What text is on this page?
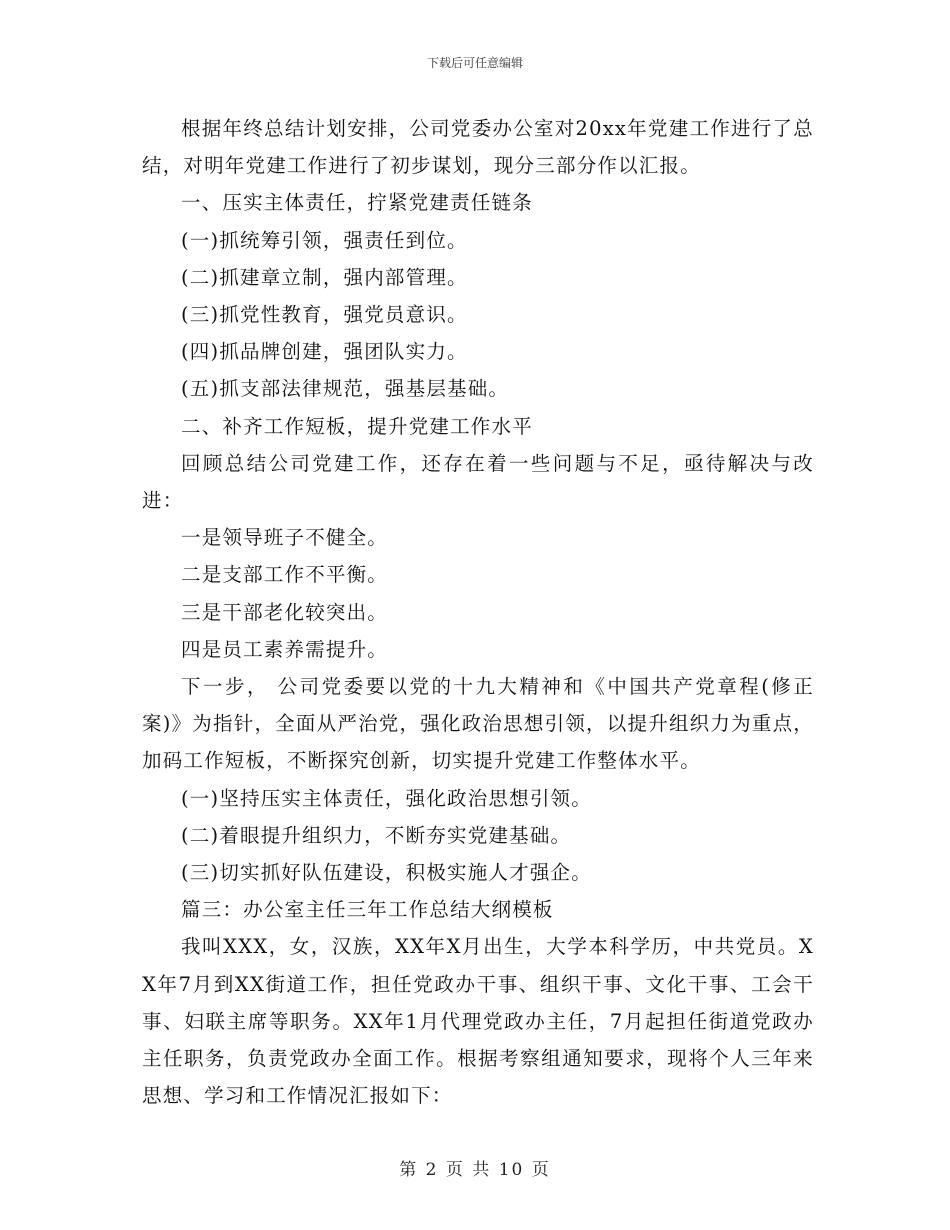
下载后可任意编辑

根据年终总结计划安排，公司党委办公室对20xx年党建工作进行了总结，对明年党建工作进行了初步谋划，现分三部分作以汇报。

一、压实主体责任，拧紧党建责任链条

(一)抓统筹引领，强责任到位。

(二)抓建章立制，强内部管理。

(三)抓党性教育，强党员意识。

(四)抓品牌创建，强团队实力。

(五)抓支部法律规范，强基层基础。

二、补齐工作短板，提升党建工作水平

回顾总结公司党建工作，还存在着一些问题与不足，亟待解决与改进：

一是领导班子不健全。

二是支部工作不平衡。

三是干部老化较突出。

四是员工素养需提升。

下一步， 公司党委要以党的十九大精神和《中国共产党章程(修正案)》为指针，全面从严治党，强化政治思想引领，以提升组织力为重点，加码工作短板，不断探究创新，切实提升党建工作整体水平。

(一)坚持压实主体责任，强化政治思想引领。

(二)着眼提升组织力，不断夯实党建基础。

(三)切实抓好队伍建设，积极实施人才强企。

篇三：办公室主任三年工作总结大纲模板

我叫XXX，女，汉族，XX年X月出生，大学本科学历，中共党员。XX年7月到XX街道工作，担任党政办干事、组织干事、文化干事、工会干事、妇联主席等职务。XX年1月代理党政办主任，7月起担任街道党政办主任职务，负责党政办全面工作。根据考察组通知要求，现将个人三年来思想、学习和工作情况汇报如下：

第 2 页 共 10 页
